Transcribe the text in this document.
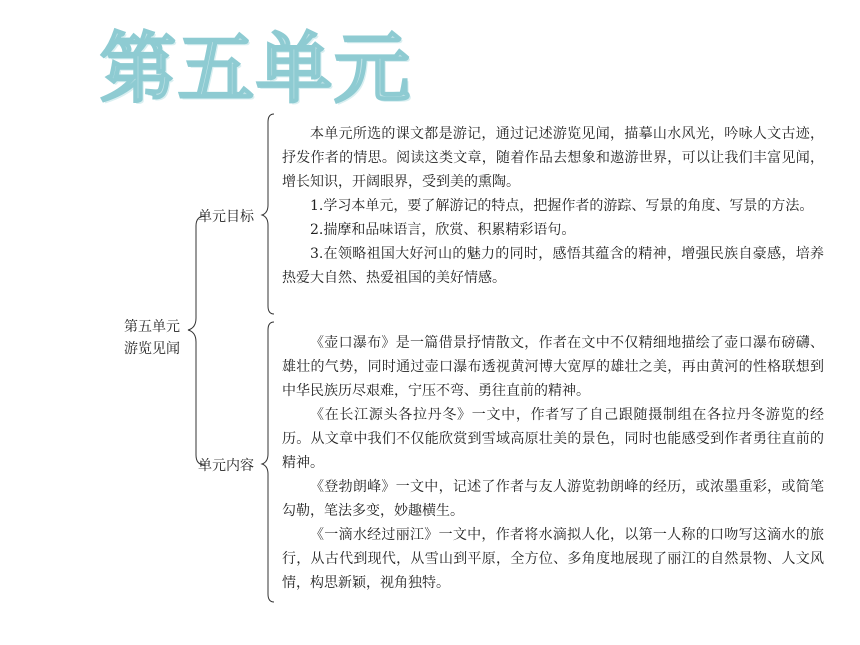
第五单元
第五单元
游览见闻
单元目标
单元内容

本单元所选的课文都是游记，通过记述游览见闻，描摹山水风光，吟咏人文古迹，抒发作者的情思。阅读这类文章，随着作品去想象和遨游世界，可以让我们丰富见闻，增长知识，开阔眼界，受到美的熏陶。

1.学习本单元，要了解游记的特点，把握作者的游踪、写景的角度、写景的方法。

2.揣摩和品味语言，欣赏、积累精彩语句。

3.在领略祖国大好河山的魅力的同时，感悟其蕴含的精神，增强民族自豪感，培养热爱大自然、热爱祖国的美好情感。

《壶口瀑布》是一篇借景抒情散文，作者在文中不仅精细地描绘了壶口瀑布磅礴、雄壮的气势，同时通过壶口瀑布透视黄河博大宽厚的雄壮之美，再由黄河的性格联想到中华民族历尽艰难，宁压不弯、勇往直前的精神。

《在长江源头各拉丹冬》一文中，作者写了自己跟随摄制组在各拉丹冬游览的经历。从文章中我们不仅能欣赏到雪域高原壮美的景色，同时也能感受到作者勇往直前的精神。

《登勃朗峰》一文中，记述了作者与友人游览勃朗峰的经历，或浓墨重彩，或简笔勾勒，笔法多变，妙趣横生。

《一滴水经过丽江》一文中，作者将水滴拟人化，以第一人称的口吻写这滴水的旅行，从古代到现代，从雪山到平原，全方位、多角度地展现了丽江的自然景物、人文风情，构思新颖，视角独特。
